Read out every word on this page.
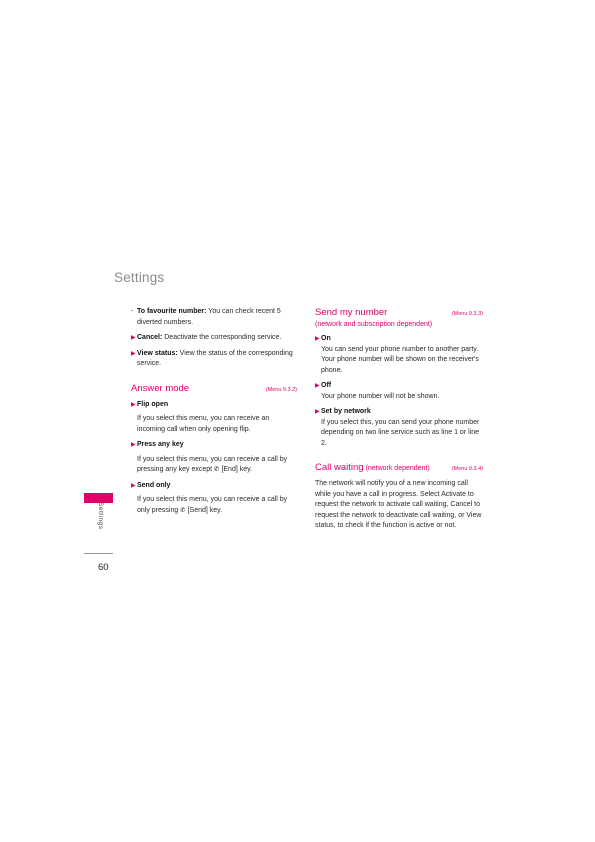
Settings
- To favourite number: You can check recent 5 diverted numbers.
▶ Cancel: Deactivate the corresponding service.
▶ View status: View the status of the corresponding service.
Answer mode	(Menu 9.3.2)
▶ Flip open
If you select this menu, you can receive an incoming call when only opening flip.
▶ Press any key
If you select this menu, you can receive a call by pressing any key except ✆ [End] key.
▶ Send only
If you select this menu, you can receive a call by only pressing ✆ [Send] key.
Send my number	(Menu 9.3.3)
(network and subscription dependent)
▶ On
You can send your phone number to another party. Your phone number will be shown on the receiver's phone.
▶ Off
Your phone number will not be shown.
▶ Set by network
If you select this, you can send your phone number depending on two line service such as line 1 or line 2.
Call waiting (network dependent)	(Menu 9.3.4)
The network will notify you of a new incoming call while you have a call in progress. Select Activate to request the network to activate call waiting, Cancel to request the network to deactivate call waiting, or View status, to check if the function is active or not.
Settings
60
